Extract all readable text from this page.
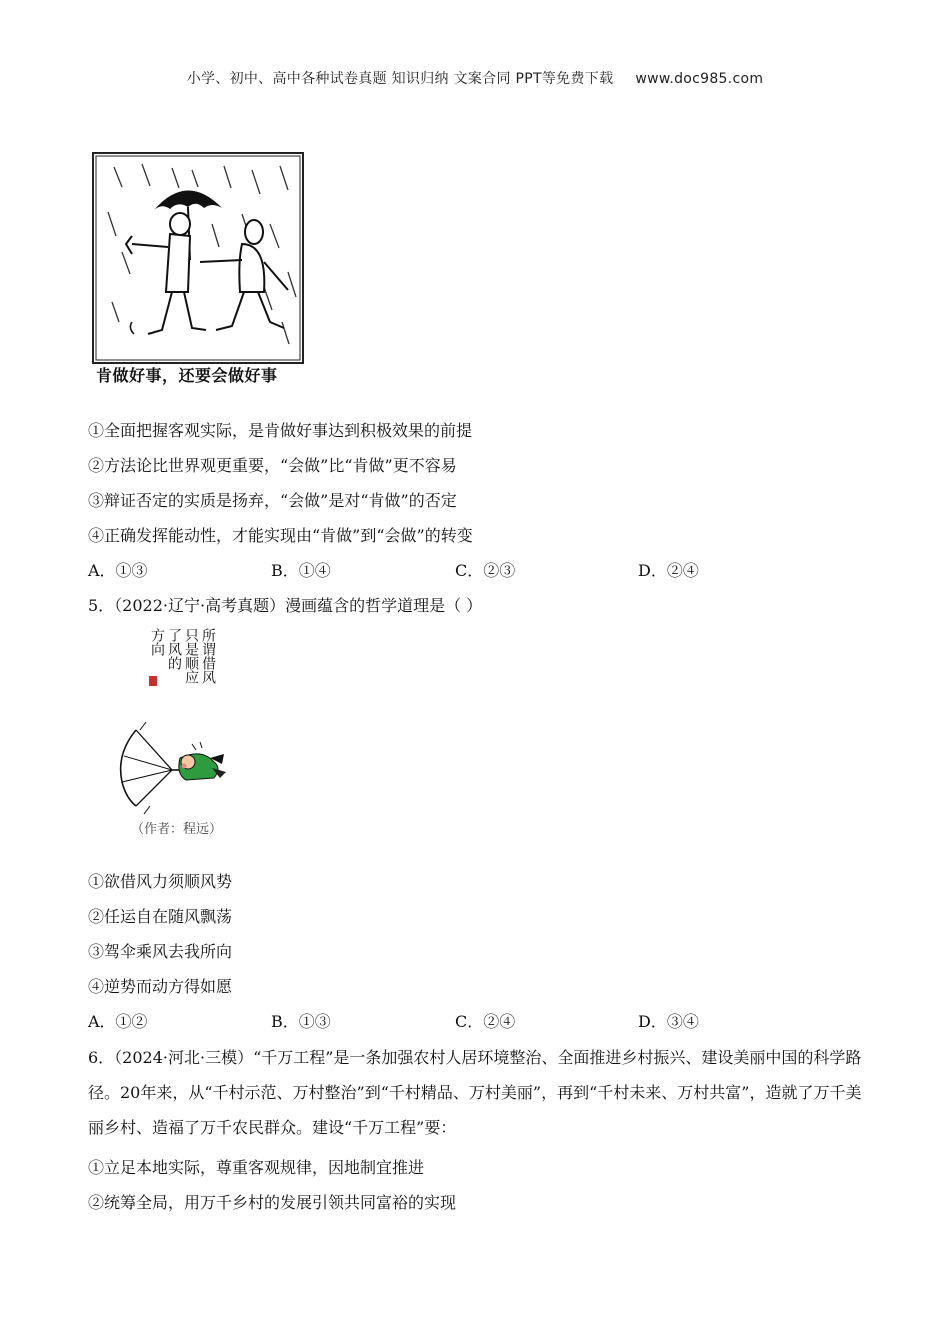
小学、初中、高中各种试卷真题 知识归纳 文案合同 PPT等免费下载 www.doc985.com
肯做好事，还要会做好事
①全面把握客观实际，是肯做好事达到积极效果的前提
②方法论比世界观更重要，“会做”比“肯做”更不容易
③辩证否定的实质是扬弃，“会做”是对“肯做”的否定
④正确发挥能动性，才能实现由“肯做”到“会做”的转变
A．①③	B．①④	C．②③	D．②④
5．（2022·辽宁·高考真题）漫画蕴含的哲学道理是（ ）
所谓借风
只是顺应
了风的
方向
（作者：程远）
①欲借风力须顺风势
②任运自在随风飘荡
③驾伞乘风去我所向
④逆势而动方得如愿
A．①②	B．①③	C．②④	D．③④
6．（2024·河北·三模）“千万工程”是一条加强农村人居环境整治、全面推进乡村振兴、建设美丽中国的科学路径。20年来，从“千村示范、万村整治”到“千村精品、万村美丽”，再到“千村未来、万村共富”，造就了万千美丽乡村、造福了万千农民群众。建设“千万工程”要：
①立足本地实际，尊重客观规律，因地制宜推进
②统筹全局，用万千乡村的发展引领共同富裕的实现
